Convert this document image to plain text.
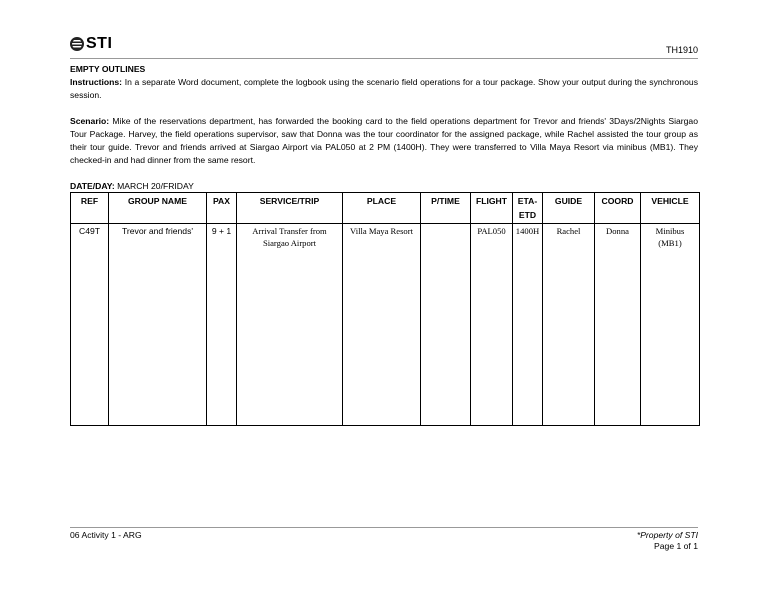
STI	TH1910
EMPTY OUTLINES
Instructions: In a separate Word document, complete the logbook using the scenario field operations for a tour package. Show your output during the synchronous session.
Scenario: Mike of the reservations department, has forwarded the booking card to the field operations department for Trevor and friends' 3Days/2Nights Siargao Tour Package. Harvey, the field operations supervisor, saw that Donna was the tour coordinator for the assigned package, while Rachel assisted the tour group as their tour guide. Trevor and friends arrived at Siargao Airport via PAL050 at 2 PM (1400H). They were transferred to Villa Maya Resort via minibus (MB1). They checked-in and had dinner from the same resort.
DATE/DAY: MARCH 20/FRIDAY
REF	GROUP NAME	PAX	SERVICE/TRIP	PLACE	P/TIME	FLIGHT	ETA-ETD	GUIDE	COORD	VEHICLE
C49T	Trevor and friends'	9 + 1	Arrival Transfer from Siargao Airport	Villa Maya Resort		PAL050	1400H	Rachel	Donna	Minibus (MB1)
06 Activity 1 - ARG	*Property of STI
Page 1 of 1
